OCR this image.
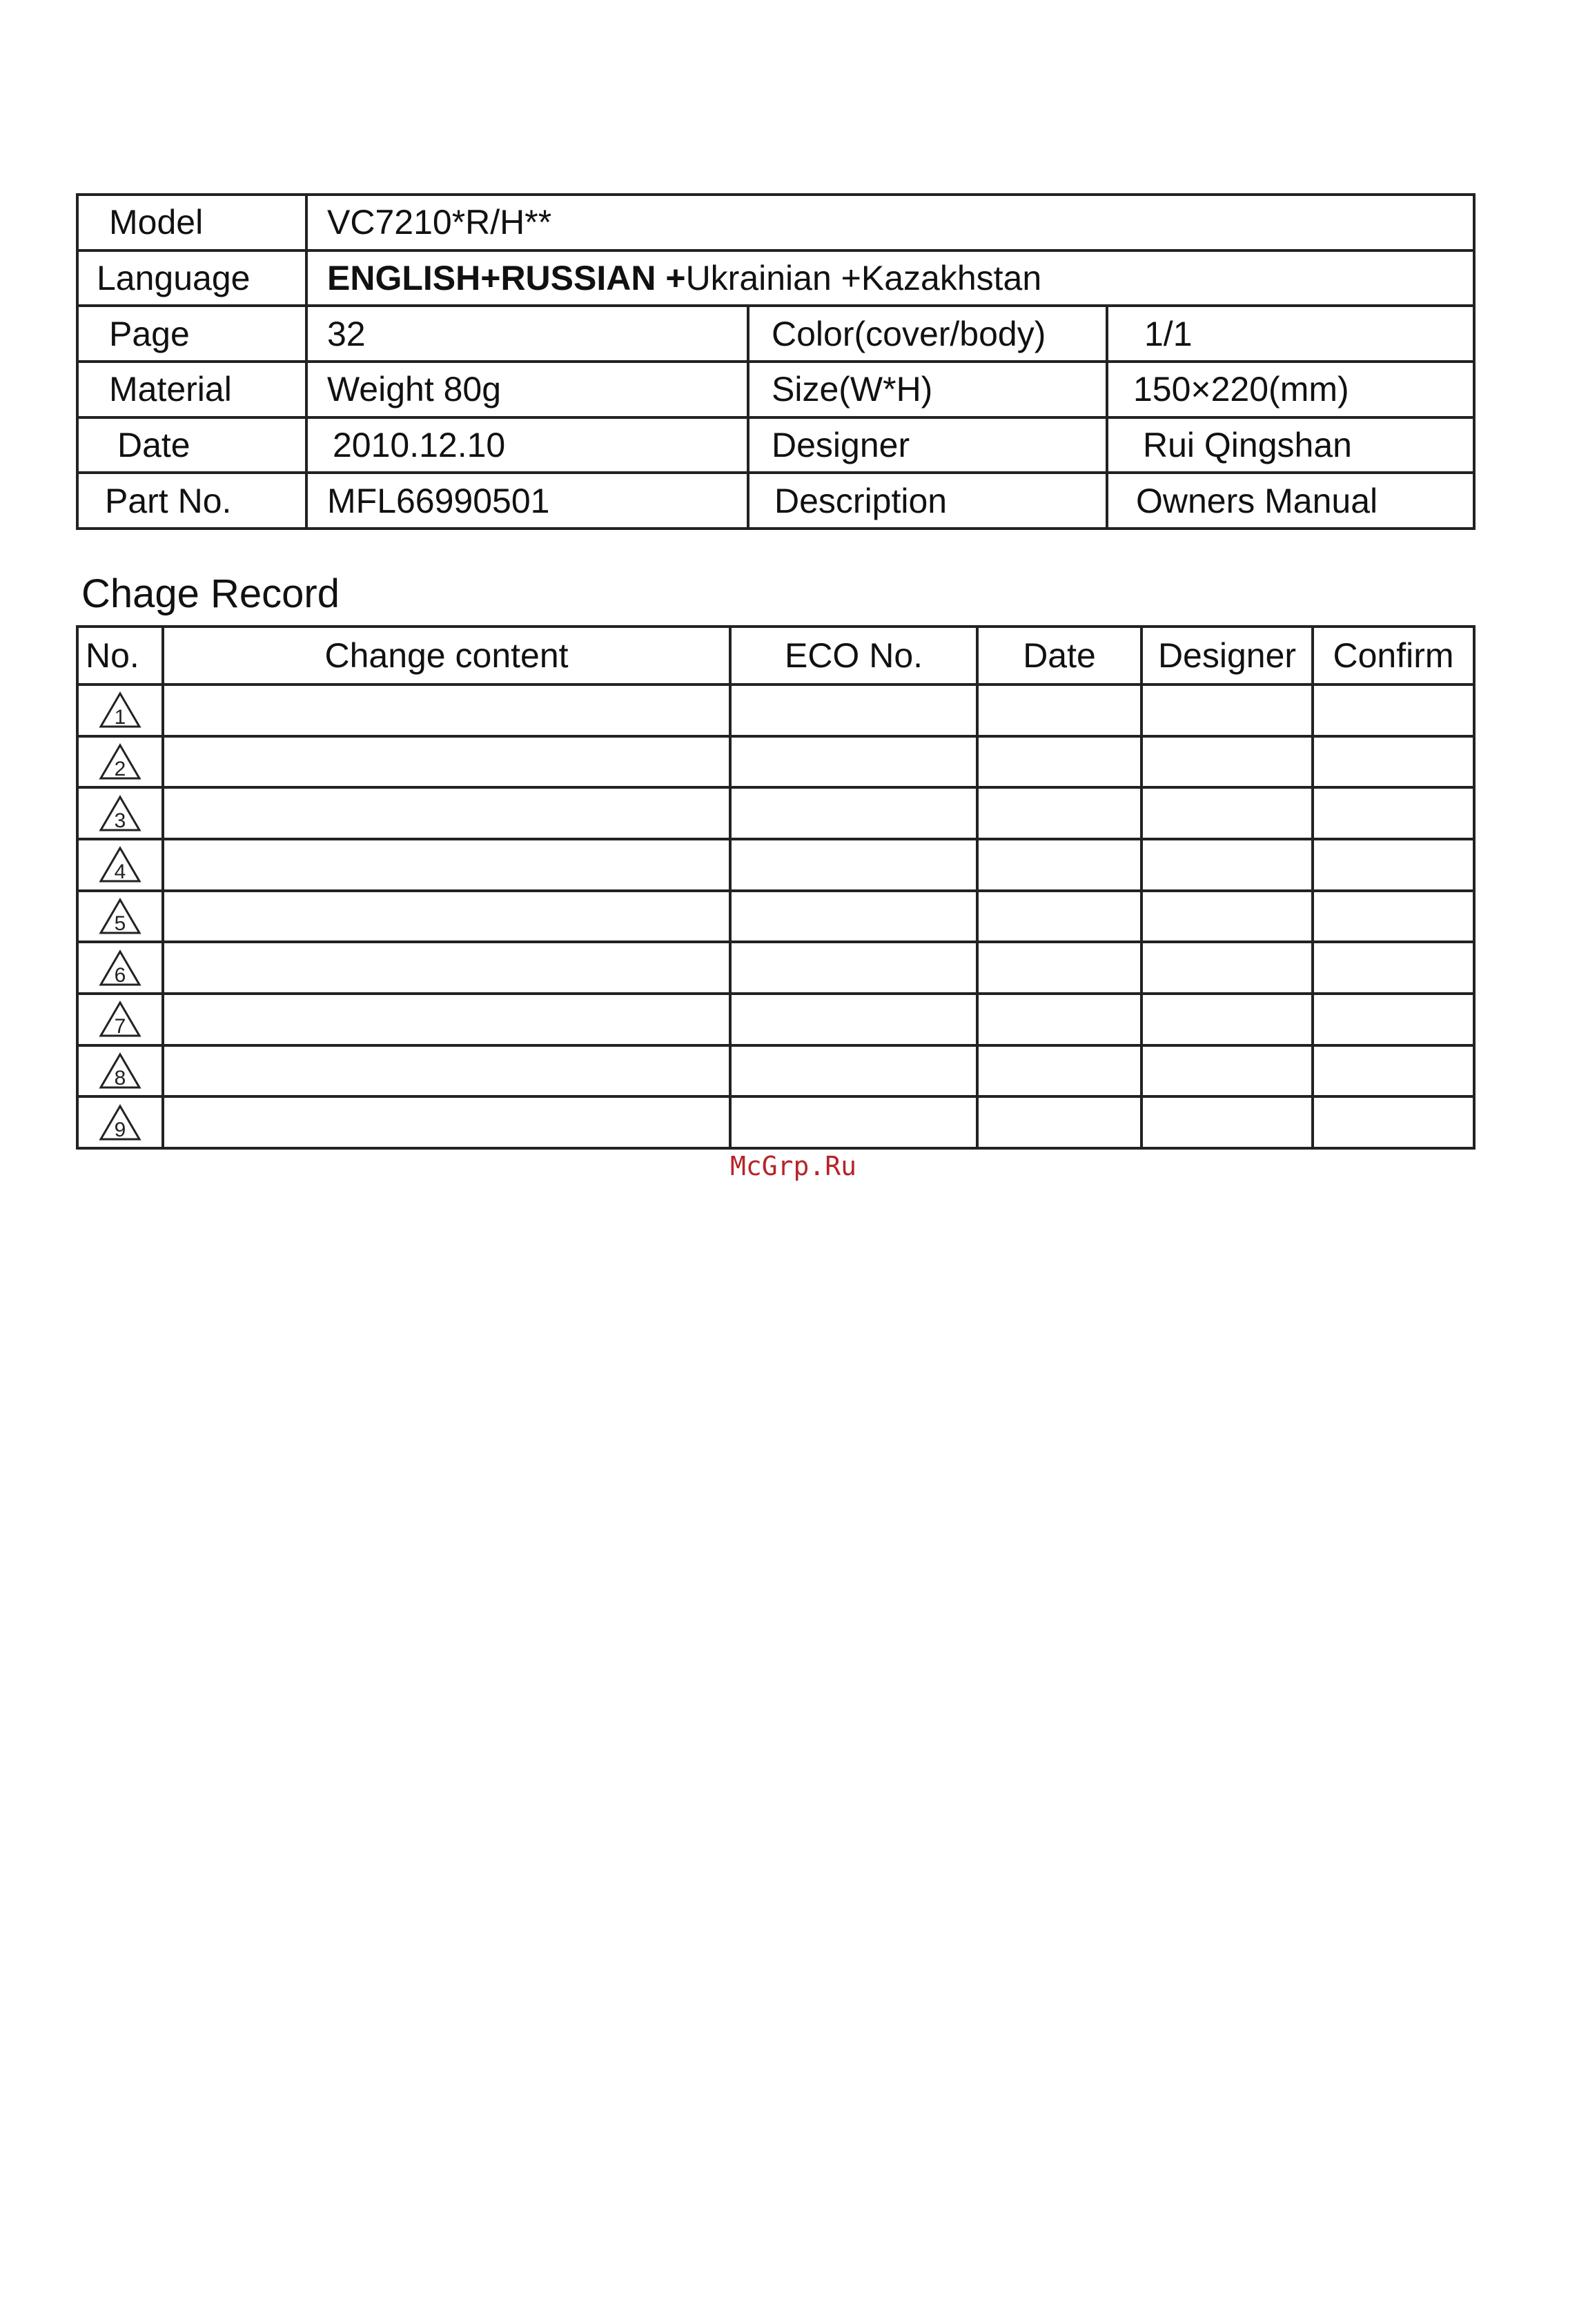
Model	VC7210*R/H**		
Language	ENGLISH+RUSSIAN +Ukrainian +Kazakhstan		
Page	32	Color(cover/body)	1/1
Material	Weight 80g	Size(W*H)	150×220(mm)
Date	2010.12.10	Designer	Rui Qingshan
Part No.	MFL66990501	Description	Owners Manual
Chage Record
No.	Change content	ECO No.	Date	Designer	Confirm

1					

2					

3					

4					

5					

6					

7					

8					

9					

McGrp.Ru
